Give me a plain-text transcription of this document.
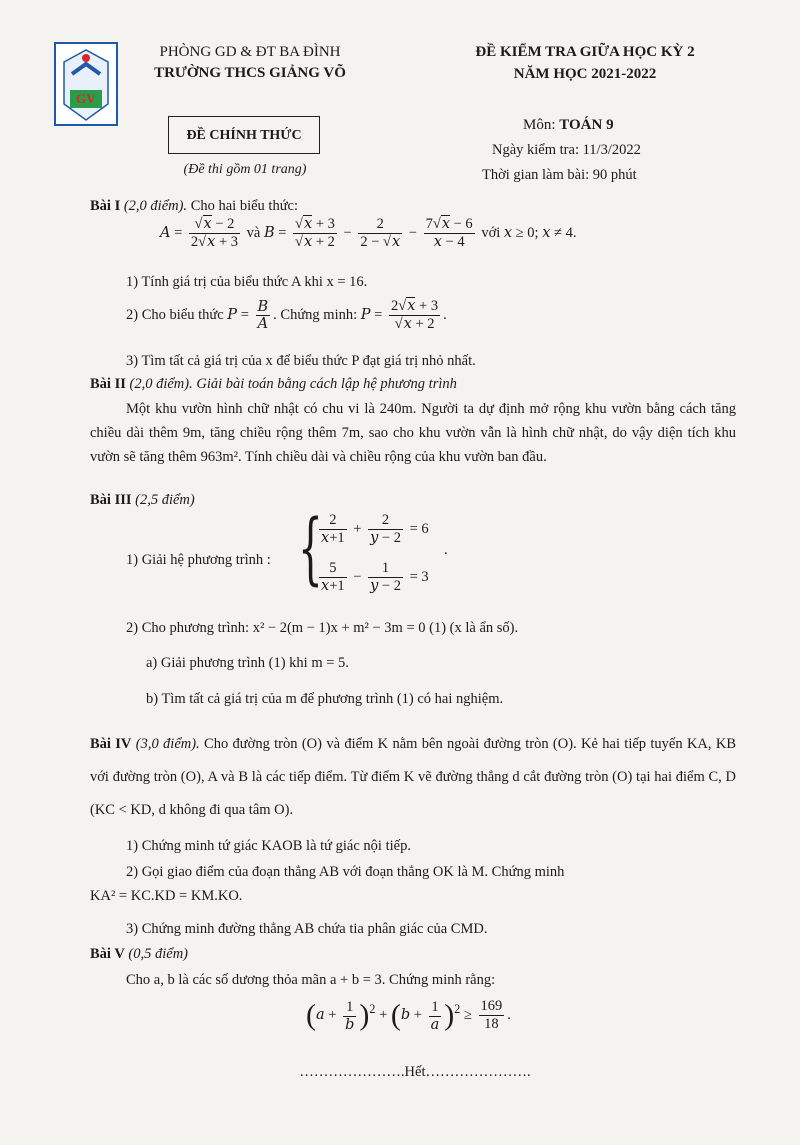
GV
PHÒNG GD & ĐT BA ĐÌNH
TRƯỜNG THCS GIẢNG VÕ
ĐỀ KIỂM TRA GIỮA HỌC KỲ 2
NĂM HỌC 2021-2022
ĐỀ CHÍNH THỨC
(Đề thi gồm 01 trang)
Môn: TOÁN 9
Ngày kiểm tra: 11/3/2022
Thời gian làm bài: 90 phút
Bài I (2,0 điểm). Cho hai biểu thức:
$A = \frac{√x - 2}{2√x + 3}$ và $B = \frac{√x + 3}{√x + 2} - \frac{2}{2 - √x} - \frac{7√x - 6}{x - 4}$ với x ≥ 0; x ≠ 4.
1) Tính giá trị của biểu thức A khi x = 16.
2) Cho biểu thức $P = \frac{B}{A}$ . Chứng minh: $P = \frac{2√x + 3}{√x + 2}$ .
3) Tìm tất cả giá trị của x để biểu thức P đạt giá trị nhỏ nhất.
Bài II (2,0 điểm). Giải bài toán bằng cách lập hệ phương trình
Một khu vườn hình chữ nhật có chu vi là 240m. Người ta dự định mở rộng khu vườn bằng cách tăng chiều dài thêm 9m, tăng chiều rộng thêm 7m, sao cho khu vườn vẫn là hình chữ nhật, do vậy diện tích khu vườn sẽ tăng thêm 963m². Tính chiều dài và chiều rộng của khu vườn ban đầu.
Bài III (2,5 điểm)
1) Giải hệ phương trình : {
$\frac{2}{x+1} + \frac{2}{y - 2} = 6$
$\frac{5}{x+1} - \frac{1}{y - 2} = 3$
.
2) Cho phương trình: x² − 2(m − 1)x + m² − 3m = 0 (1) (x là ẩn số).
a) Giải phương trình (1) khi m = 5.
b) Tìm tất cả giá trị của m để phương trình (1) có hai nghiệm.
Bài IV (3,0 điểm). Cho đường tròn (O) và điểm K nằm bên ngoài đường tròn (O). Kẻ hai tiếp tuyến KA, KB với đường tròn (O), A và B là các tiếp điểm. Từ điểm K vẽ đường thẳng d cắt đường tròn (O) tại hai điểm C, D (KC < KD, d không đi qua tâm O).
1) Chứng minh tứ giác KAOB là tứ giác nội tiếp.
2) Gọi giao điểm của đoạn thẳng AB với đoạn thẳng OK là M. Chứng minh
KA² = KC.KD = KM.KO.
3) Chứng minh đường thẳng AB chứa tia phân giác của CMD.
Bài V (0,5 điểm)
Cho a, b là các số dương thỏa mãn a + b = 3. Chứng minh rằng:
$(a + \frac{1}{b} )^2 + (b + \frac{1}{a} )^2 \ge \frac{169}{18}$ .
………………….Hết………………….
